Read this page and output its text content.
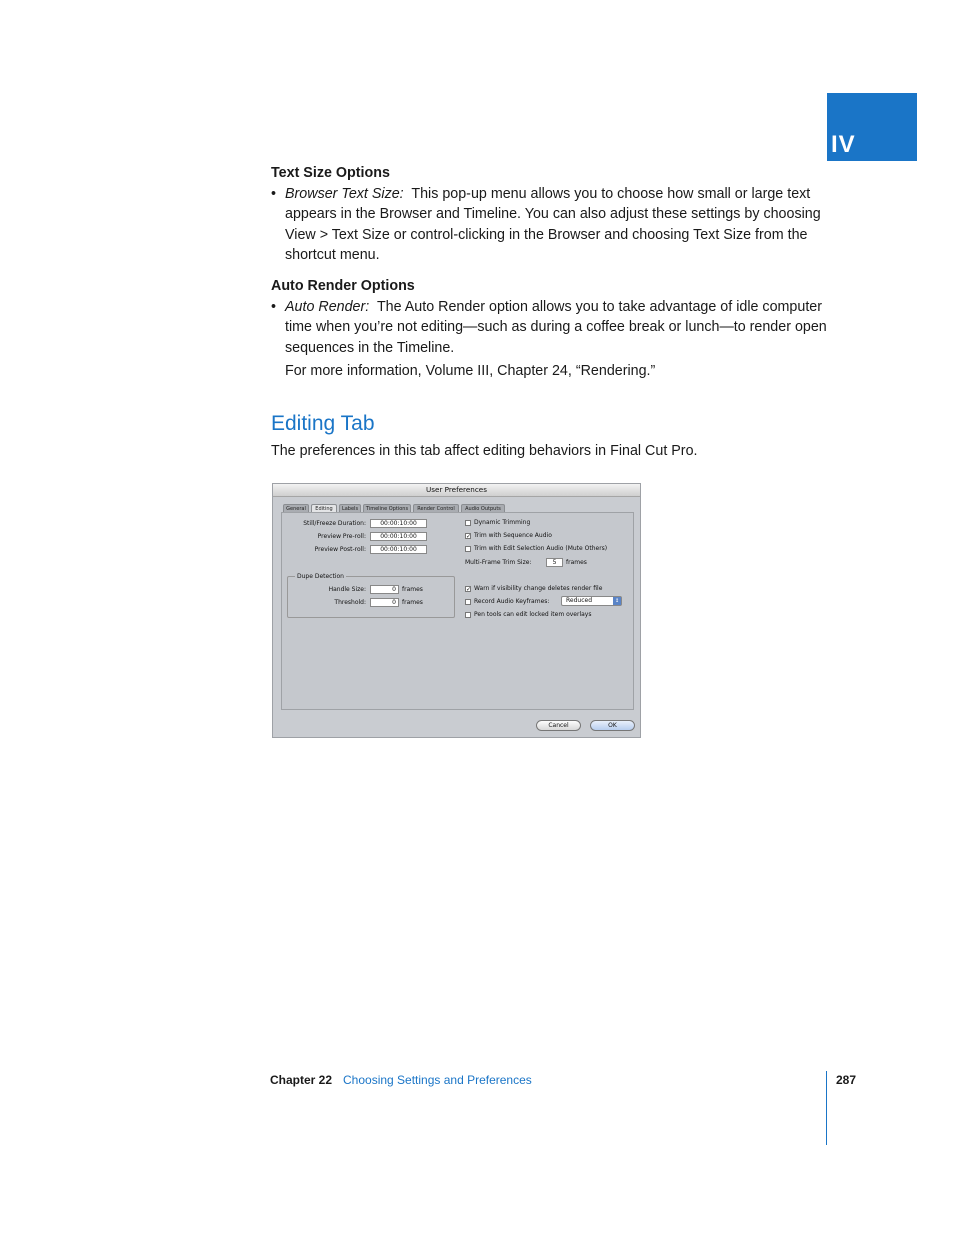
IV
Text Size Options
• Browser Text Size: This pop-up menu allows you to choose how small or large text appears in the Browser and Timeline. You can also adjust these settings by choosing View > Text Size or control-clicking in the Browser and choosing Text Size from the shortcut menu.
Auto Render Options
• Auto Render: The Auto Render option allows you to take advantage of idle computer time when you’re not editing—such as during a coffee break or lunch—to render open sequences in the Timeline.

For more information, Volume III, Chapter 24, “Rendering.”

Editing Tab

The preferences in this tab affect editing behaviors in Final Cut Pro.

User Preferences
General	Editing	Labels	Timeline Options	Render Control	Audio Outputs
Still/Freeze Duration:	00:00:10:00
Preview Pre-roll:	00:00:10:00
Preview Post-roll:	00:00:10:00
Dupe Detection
Handle Size:	0	frames
Threshold:	0	frames
Dynamic Trimming
✓ Trim with Sequence Audio
Trim with Edit Selection Audio (Mute Others)
Multi-Frame Trim Size:	5	frames
✓ Warn if visibility change deletes render file
Record Audio Keyframes:	Reduced	↕
Pen tools can edit locked item overlays
Cancel	OK
Chapter 22 Choosing Settings and Preferences	287
